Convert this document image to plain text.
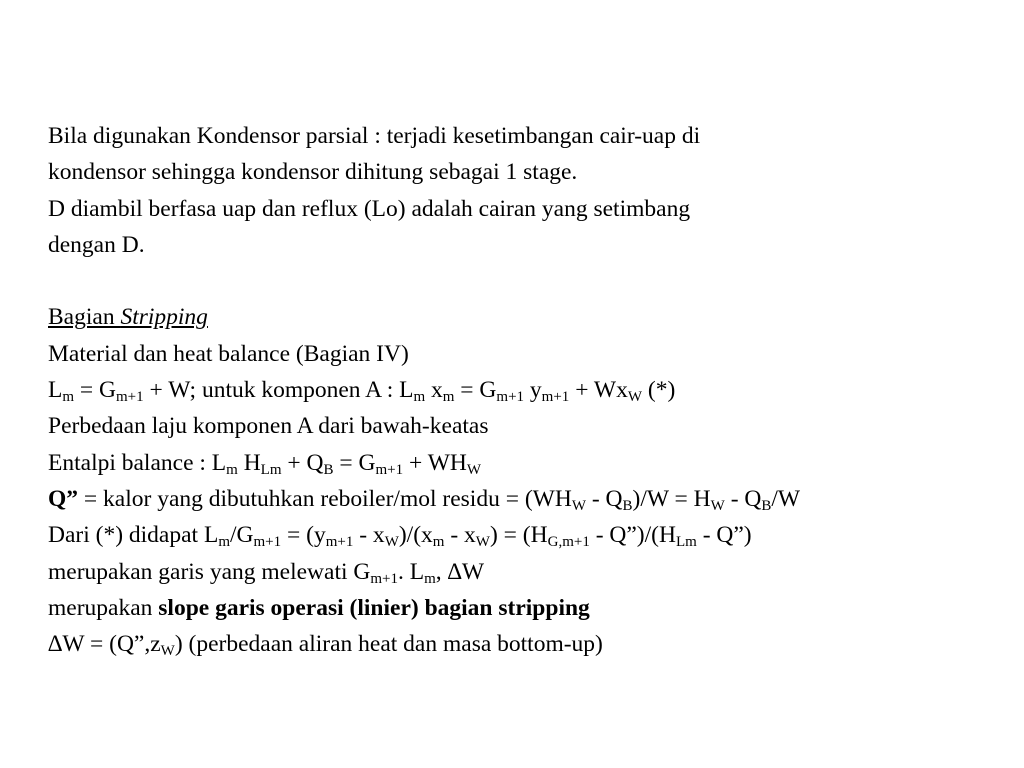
Bila digunakan Kondensor parsial : terjadi kesetimbangan cair-uap di
kondensor sehingga kondensor dihitung sebagai 1 stage.
D diambil berfasa uap dan reflux (Lo) adalah cairan yang setimbang
dengan D.
Bagian Stripping
Material dan heat balance (Bagian IV)
$L_m = G_{m+1} + W$; untuk komponen A : $L_m$ $x_m = G_{m+1}$ $y_{m+1} + Wx_W$ (*)
Perbedaan laju komponen A dari bawah-keatas
Entalpi balance : $L_m$ $H_{Lm} + Q_B = G_{m+1} + WH_W$
Q” = kalor yang dibutuhkan reboiler/mol residu = $(WH_W - Q_B)/W = H_W - Q_B/W$
Dari (*) didapat $L_m/G_{m+1} = (y_{m+1} - x_W)/(x_m - x_W) = (H_{G,m+1}$ - $Q”)/(H_{Lm}$ - Q”)
merupakan garis yang melewati $G_{m+1}$. $L_m$, ∆W
merupakan slope garis operasi (linier) bagian stripping
$\Delta W = (Q”,z_W)$ (perbedaan aliran heat dan masa bottom-up)
